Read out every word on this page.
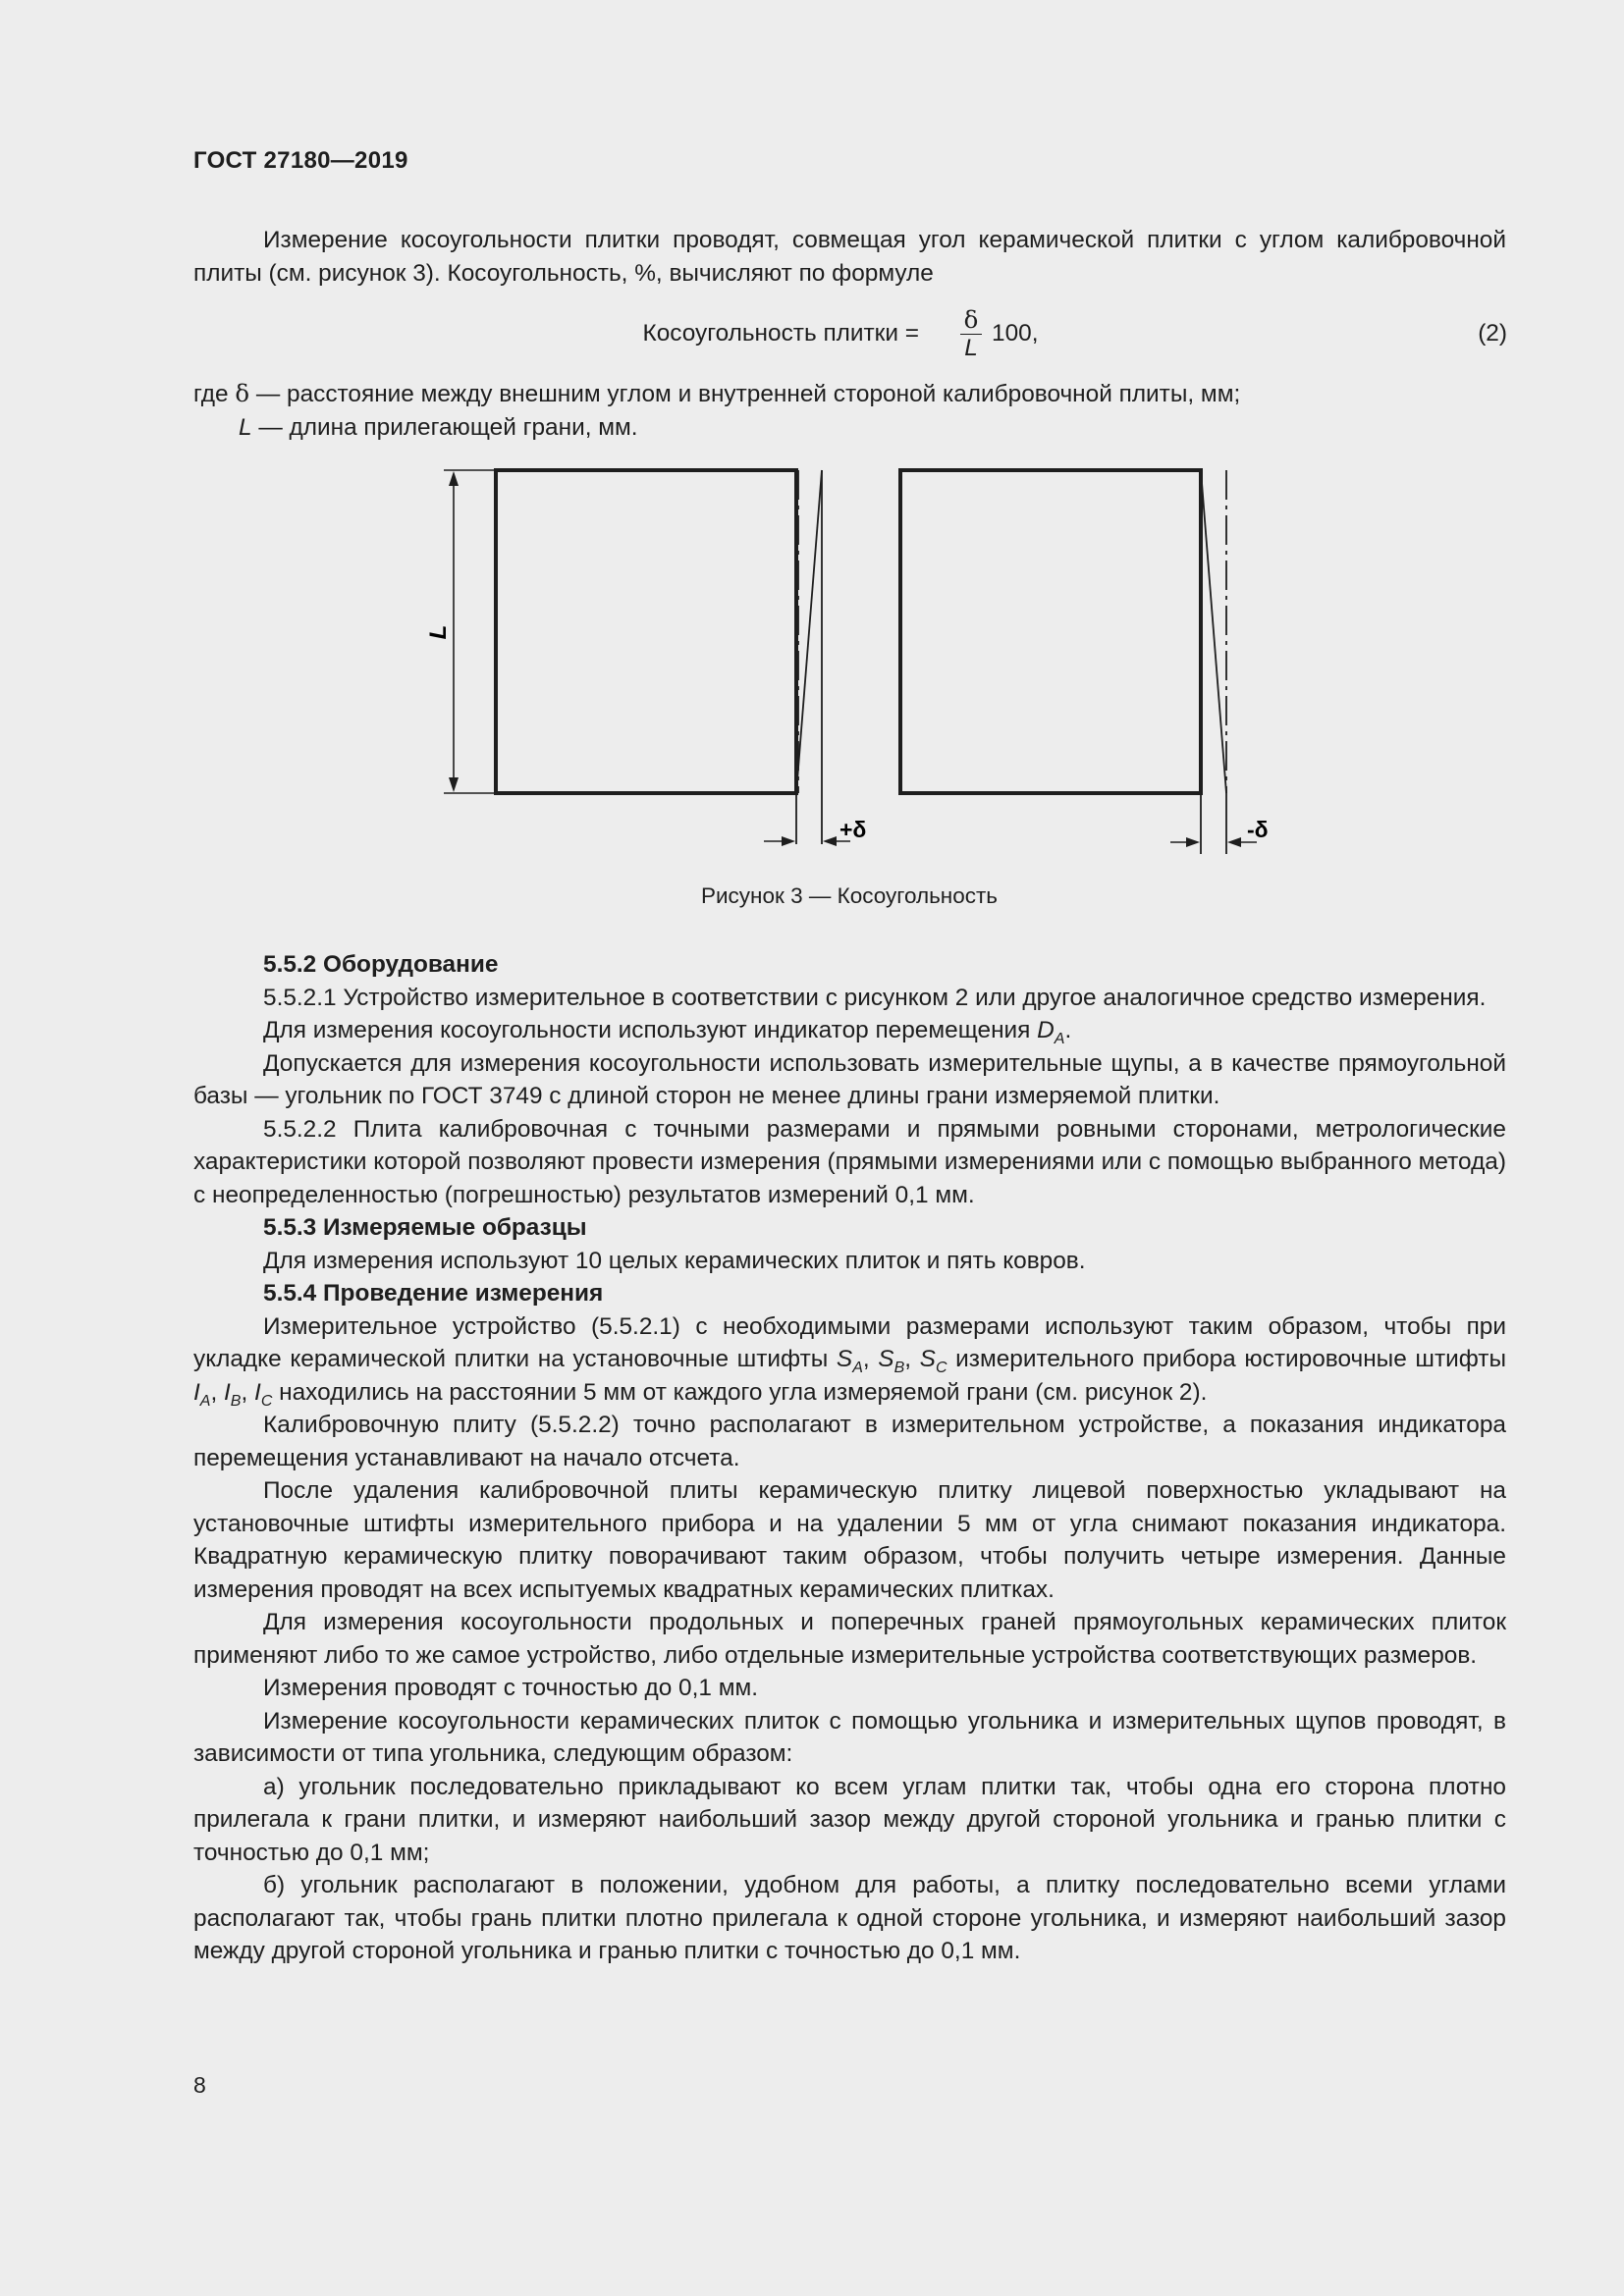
ГОСТ 27180—2019

Измерение косоугольности плитки проводят, совмещая угол керамической плитки с углом калибровочной плиты (см. рисунок 3). Косоугольность, %, вычисляют по формуле

Косоугольность плитки = $\frac{\delta}{L} 100$,	(2)

где δ — расстояние между внешним углом и внутренней стороной калибровочной плиты, мм;

L — длина прилегающей грани, мм.

L
+δ	-δ
Рисунок 3 — Косоугольность

5.5.2 Оборудование

5.5.2.1 Устройство измерительное в соответствии с рисунком 2 или другое аналогичное средство измерения.

Для измерения косоугольности используют индикатор перемещения $D_A$.

Допускается для измерения косоугольности использовать измерительные щупы, а в качестве прямоугольной базы — угольник по ГОСТ 3749 с длиной сторон не менее длины грани измеряемой плитки.

5.5.2.2 Плита калибровочная с точными размерами и прямыми ровными сторонами, метрологические характеристики которой позволяют провести измерения (прямыми измерениями или с помощью выбранного метода) с неопределенностью (погрешностью) результатов измерений 0,1 мм.

5.5.3 Измеряемые образцы

Для измерения используют 10 целых керамических плиток и пять ковров.

5.5.4 Проведение измерения

Измерительное устройство (5.5.2.1) с необходимыми размерами используют таким образом, чтобы при укладке керамической плитки на установочные штифты $S_A$, $S_B$, $S_C$ измерительного прибора юстировочные штифты $I_A$, $I_B$, $I_C$ находились на расстоянии 5 мм от каждого угла измеряемой грани (см. рисунок 2).

Калибровочную плиту (5.5.2.2) точно располагают в измерительном устройстве, а показания индикатора перемещения устанавливают на начало отсчета.

После удаления калибровочной плиты керамическую плитку лицевой поверхностью укладывают на установочные штифты измерительного прибора и на удалении 5 мм от угла снимают показания индикатора. Квадратную керамическую плитку поворачивают таким образом, чтобы получить четыре измерения. Данные измерения проводят на всех испытуемых квадратных керамических плитках.

Для измерения косоугольности продольных и поперечных граней прямоугольных керамических плиток применяют либо то же самое устройство, либо отдельные измерительные устройства соответствующих размеров.

Измерения проводят с точностью до 0,1 мм.

Измерение косоугольности керамических плиток с помощью угольника и измерительных щупов проводят, в зависимости от типа угольника, следующим образом:

а) угольник последовательно прикладывают ко всем углам плитки так, чтобы одна его сторона плотно прилегала к грани плитки, и измеряют наибольший зазор между другой стороной угольника и гранью плитки с точностью до 0,1 мм;

б) угольник располагают в положении, удобном для работы, а плитку последовательно всеми углами располагают так, чтобы грань плитки плотно прилегала к одной стороне угольника, и измеряют наибольший зазор между другой стороной угольника и гранью плитки с точностью до 0,1 мм.

8
